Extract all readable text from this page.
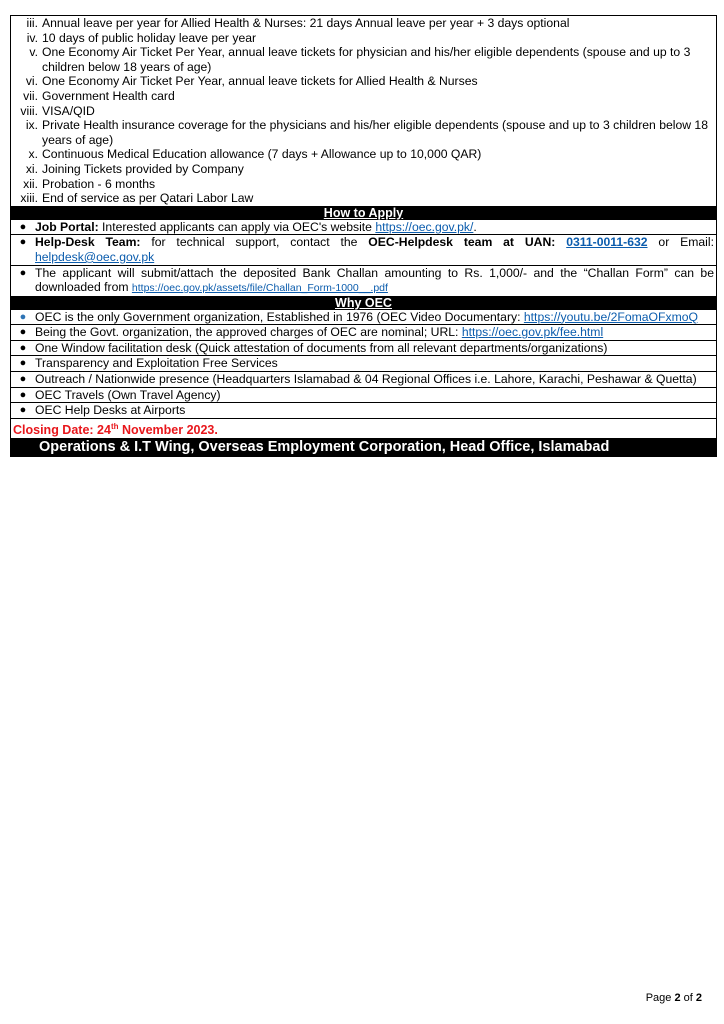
iii. Annual leave per year for Allied Health & Nurses: 21 days Annual leave per year + 3 days optional
iv. 10 days of public holiday leave per year
v. One Economy Air Ticket Per Year, annual leave tickets for physician and his/her eligible dependents (spouse and up to 3 children below 18 years of age)
vi. One Economy Air Ticket Per Year, annual leave tickets for Allied Health & Nurses
vii. Government Health card
viii. VISA/QID
ix. Private Health insurance coverage for the physicians and his/her eligible dependents (spouse and up to 3 children below 18 years of age)
x. Continuous Medical Education allowance (7 days + Allowance up to 10,000 QAR)
xi. Joining Tickets provided by Company
xii. Probation - 6 months
xiii. End of service as per Qatari Labor Law
How to Apply
● Job Portal: Interested applicants can apply via OEC's website https://oec.gov.pk/.
● Help-Desk Team: for technical support, contact the OEC-Helpdesk team at UAN: 0311-0011-632 or Email: helpdesk@oec.gov.pk
● The applicant will submit/attach the deposited Bank Challan amounting to Rs. 1,000/- and the “Challan Form” can be downloaded from https://oec.gov.pk/assets/file/Challan_Form-1000__.pdf
Why OEC
● OEC is the only Government organization, Established in 1976 (OEC Video Documentary: https://youtu.be/2FomaOFxmoQ
● Being the Govt. organization, the approved charges of OEC are nominal; URL: https://oec.gov.pk/fee.html
● One Window facilitation desk (Quick attestation of documents from all relevant departments/organizations)
● Transparency and Exploitation Free Services
● Outreach / Nationwide presence (Headquarters Islamabad & 04 Regional Offices i.e. Lahore, Karachi, Peshawar & Quetta)
● OEC Travels (Own Travel Agency)
● OEC Help Desks at Airports
Closing Date: 24th November 2023.
Operations & I.T Wing, Overseas Employment Corporation, Head Office, Islamabad
Page 2 of 2
